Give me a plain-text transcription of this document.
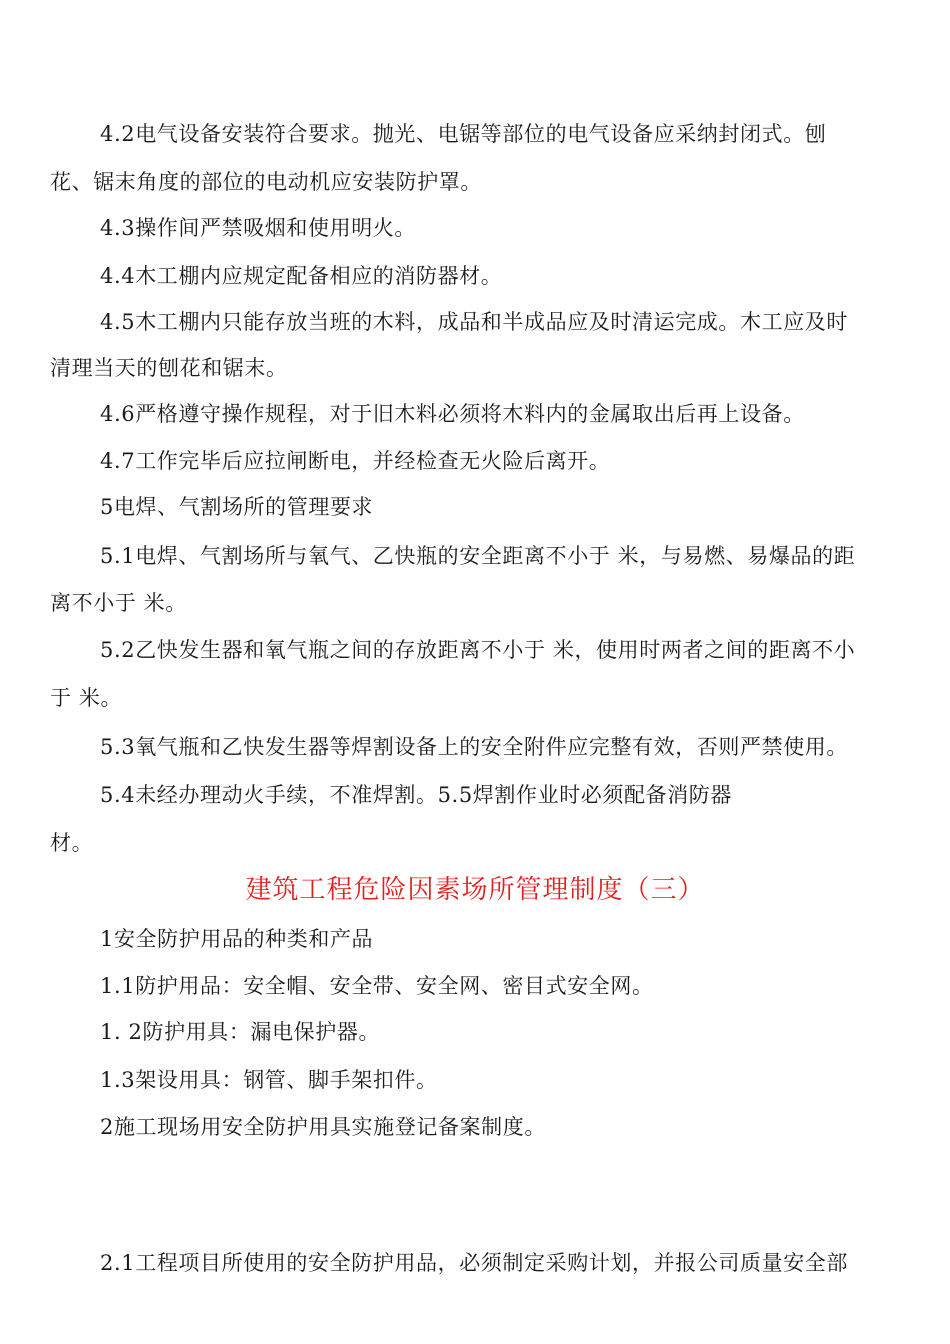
4.2电气设备安装符合要求。抛光、电锯等部位的电气设备应采纳封闭式。刨
花、锯末角度的部位的电动机应安装防护罩。
4.3操作间严禁吸烟和使用明火。
4.4木工棚内应规定配备相应的消防器材。
4.5木工棚内只能存放当班的木料，成品和半成品应及时清运完成。木工应及时
清理当天的刨花和锯末。
4.6严格遵守操作规程，对于旧木料必须将木料内的金属取出后再上设备。
4.7工作完毕后应拉闸断电，并经检查无火险后离开。
5电焊、气割场所的管理要求
5.1电焊、气割场所与氧气、乙快瓶的安全距离不小于 米，与易燃、易爆品的距
离不小于 米。
5.2乙快发生器和氧气瓶之间的存放距离不小于 米，使用时两者之间的距离不小
于 米。
5.3氧气瓶和乙快发生器等焊割设备上的安全附件应完整有效，否则严禁使用。
5.4未经办理动火手续，不准焊割。5.5焊割作业时必须配备消防器
材。
建筑工程危险因素场所管理制度（三）
1安全防护用品的种类和产品
1.1防护用品：安全帽、安全带、安全网、密目式安全网。
1. 2防护用具：漏电保护器。
1.3架设用具：钢管、脚手架扣件。
2施工现场用安全防护用具实施登记备案制度。
2.1工程项目所使用的安全防护用品，必须制定采购计划，并报公司质量安全部
